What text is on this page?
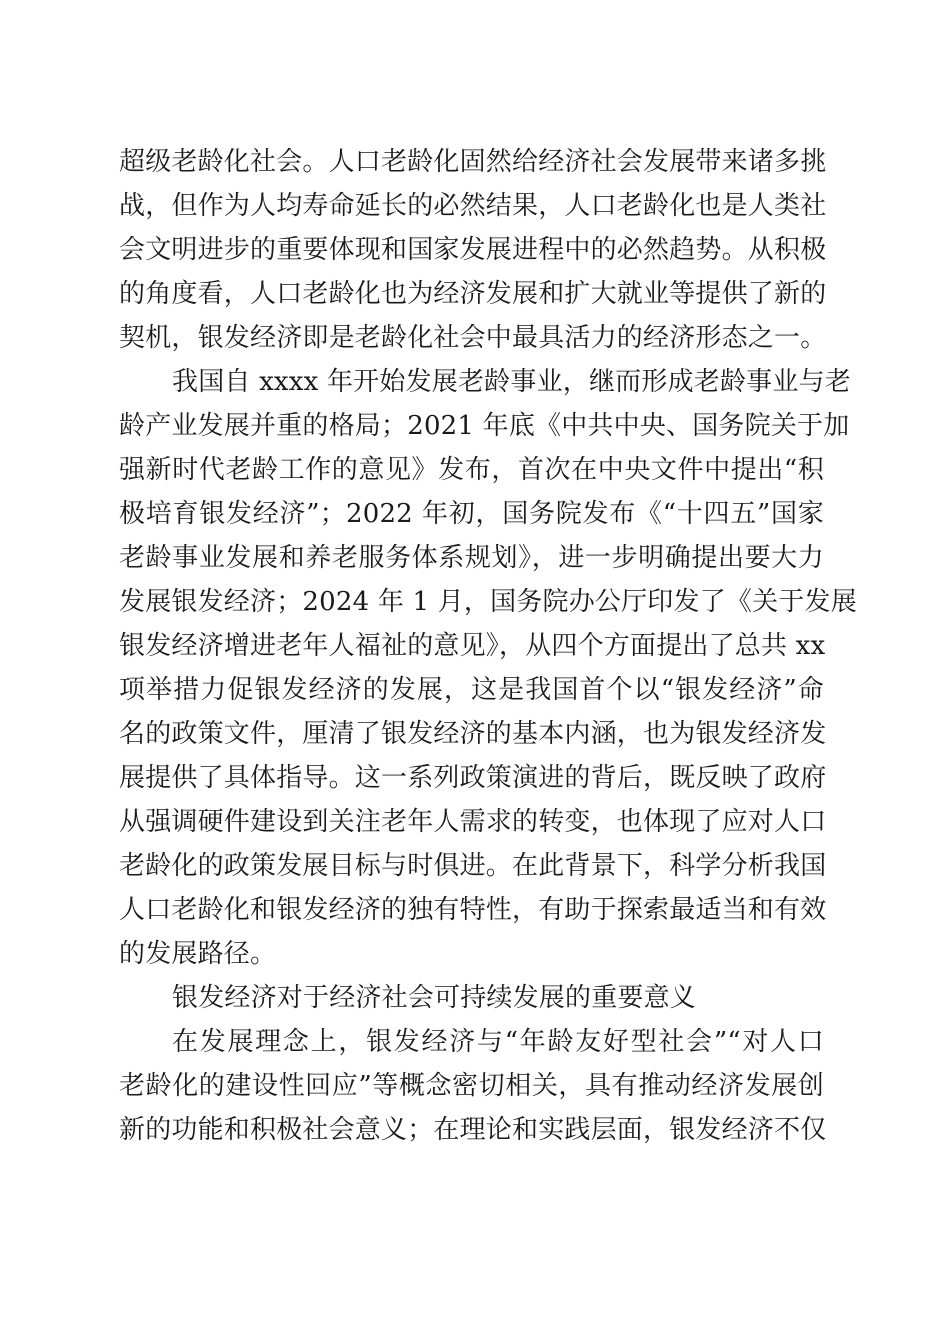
超级老龄化社会。人口老龄化固然给经济社会发展带来诸多挑
战，但作为人均寿命延长的必然结果，人口老龄化也是人类社
会文明进步的重要体现和国家发展进程中的必然趋势。从积极
的角度看，人口老龄化也为经济发展和扩大就业等提供了新的
契机，银发经济即是老龄化社会中最具活力的经济形态之一。
我国自 xxxx 年开始发展老龄事业，继而形成老龄事业与老
龄产业发展并重的格局；2021 年底《中共中央、国务院关于加
强新时代老龄工作的意见》发布，首次在中央文件中提出“积
极培育银发经济”；2022 年初，国务院发布《“十四五”国家
老龄事业发展和养老服务体系规划》，进一步明确提出要大力
发展银发经济；2024 年 1 月，国务院办公厅印发了《关于发展
银发经济增进老年人福祉的意见》，从四个方面提出了总共 xx
项举措力促银发经济的发展，这是我国首个以“银发经济”命
名的政策文件，厘清了银发经济的基本内涵，也为银发经济发
展提供了具体指导。这一系列政策演进的背后，既反映了政府
从强调硬件建设到关注老年人需求的转变，也体现了应对人口
老龄化的政策发展目标与时俱进。在此背景下，科学分析我国
人口老龄化和银发经济的独有特性，有助于探索最适当和有效
的发展路径。
银发经济对于经济社会可持续发展的重要意义
在发展理念上，银发经济与“年龄友好型社会”“对人口
老龄化的建设性回应”等概念密切相关，具有推动经济发展创
新的功能和积极社会意义；在理论和实践层面，银发经济不仅
